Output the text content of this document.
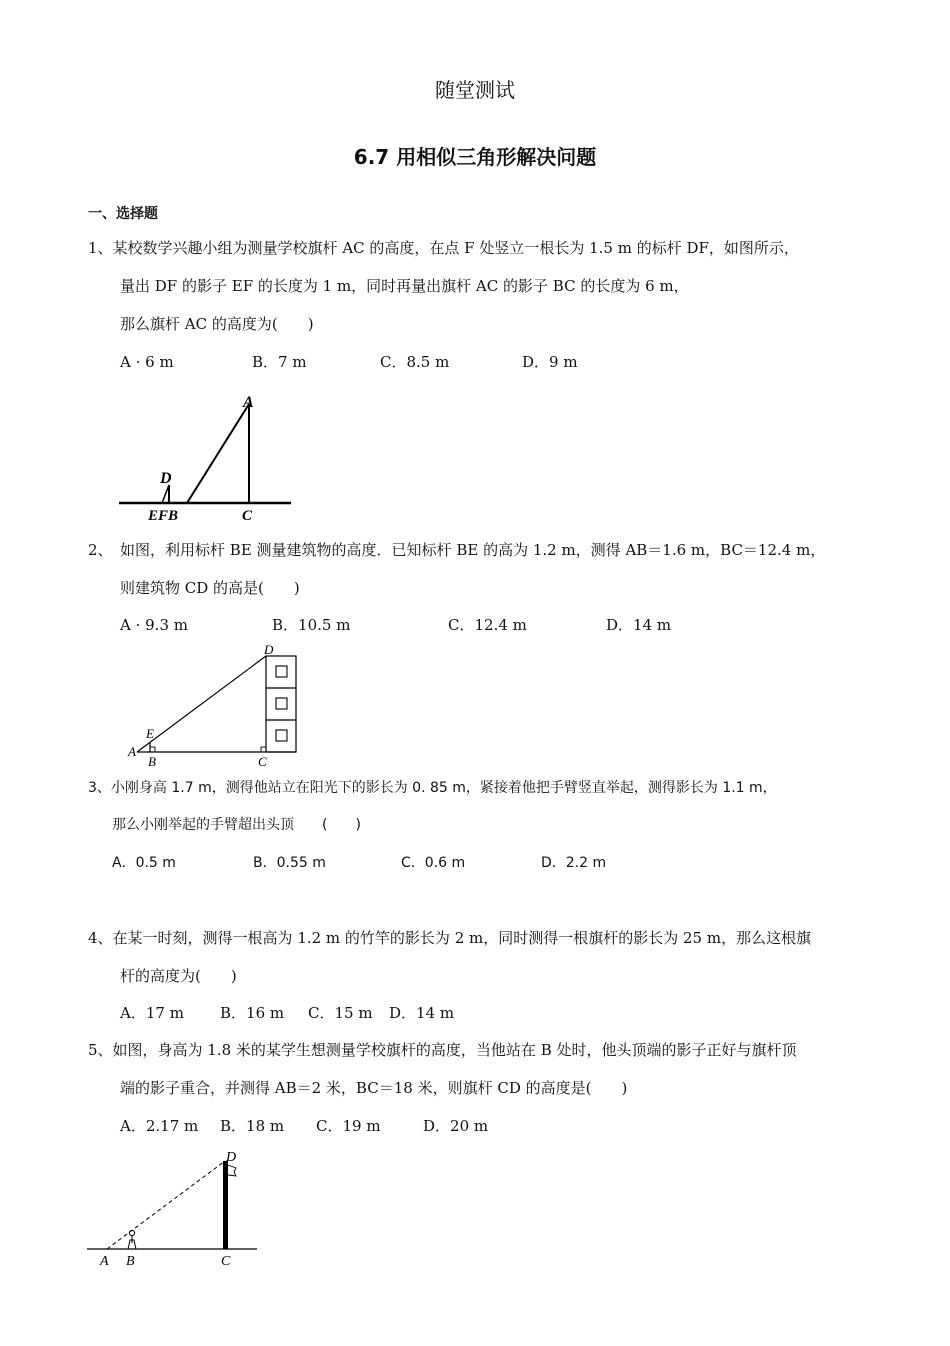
随堂测试
6.7 用相似三角形解决问题
一、选择题
1、某校数学兴趣小组为测量学校旗杆 AC 的高度，在点 F 处竖立一根长为 1.5 m 的标杆 DF，如图所示，
量出 DF 的影子 EF 的长度为 1 m，同时再量出旗杆 AC 的影子 BC 的长度为 6 m，
那么旗杆 AC 的高度为(　　)
A · 6 m	B．7 m	C．8.5 m	D．9 m
A
D
EFB	C
2、　如图，利用标杆 BE 测量建筑物的高度．已知标杆 BE 的高为 1.2 m，测得 AB＝1.6 m，BC＝12.4 m，
则建筑物 CD 的高是(　　)
A · 9.3 m	B．10.5 m	C．12.4 m	D．14 m
D
E
A
B	C
3、小刚身高 1.7 m，测得他站立在阳光下的影长为 0. 85 m，紧接着他把手臂竖直举起，测得影长为 1.1 m，
那么小刚举起的手臂超出头顶　　(　　)
A．0.5 m	B．0.55 m	C．0.6 m	D．2.2 m
4、在某一时刻，测得一根高为 1.2 m 的竹竿的影长为 2 m，同时测得一根旗杆的影长为 25 m，那么这根旗
杆的高度为(　　)
A．17 m B．16 m C．15 m D．14 m
5、如图，身高为 1.8 米的某学生想测量学校旗杆的高度，当他站在 B 处时，他头顶端的影子正好与旗杆顶
端的影子重合，并测得 AB＝2 米，BC＝18 米，则旗杆 CD 的高度是(　　)
A．2.17 m B．18 m C．19 m	D．20 m
D
A B	C
